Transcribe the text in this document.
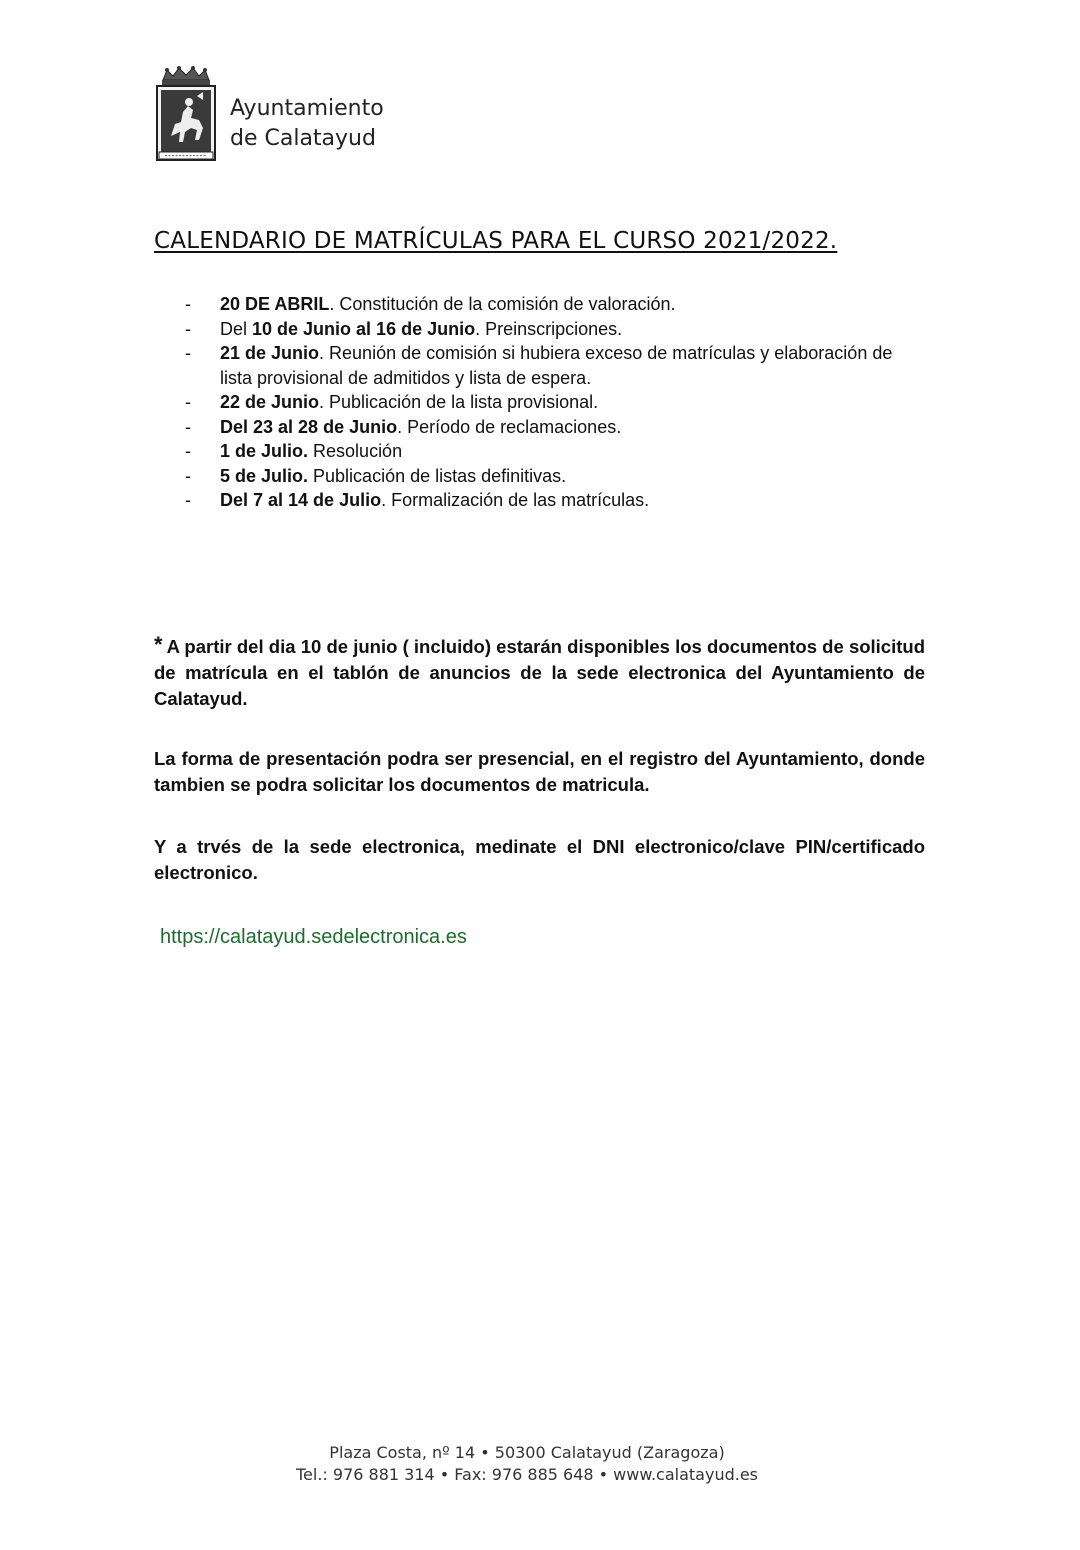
Ayuntamiento
de Calatayud
CALENDARIO DE MATRÍCULAS PARA EL CURSO 2021/2022.
- 20 DE ABRIL. Constitución de la comisión de valoración.
- Del 10 de Junio al 16 de Junio. Preinscripciones.
- 21 de Junio. Reunión de comisión si hubiera exceso de matrículas y elaboración de lista provisional de admitidos y lista de espera.
- 22 de Junio. Publicación de la lista provisional.
- Del 23 al 28 de Junio. Período de reclamaciones.
- 1 de Julio. Resolución
- 5 de Julio. Publicación de listas definitivas.
- Del 7 al 14 de Julio. Formalización de las matrículas.

* A partir del dia 10 de junio ( incluido) estarán disponibles los documentos de solicitud de matrícula en el tablón de anuncios de la sede electronica del Ayuntamiento de Calatayud.

La forma de presentación podra ser presencial, en el registro del Ayuntamiento, donde tambien se podra solicitar los documentos de matricula.

Y a trvés de la sede electronica, medinate el DNI electronico/clave PIN/certificado electronico.

https://calatayud.sedelectronica.es
Plaza Costa, nº 14 • 50300 Calatayud (Zaragoza)
Tel.: 976 881 314 • Fax: 976 885 648 • www.calatayud.es
